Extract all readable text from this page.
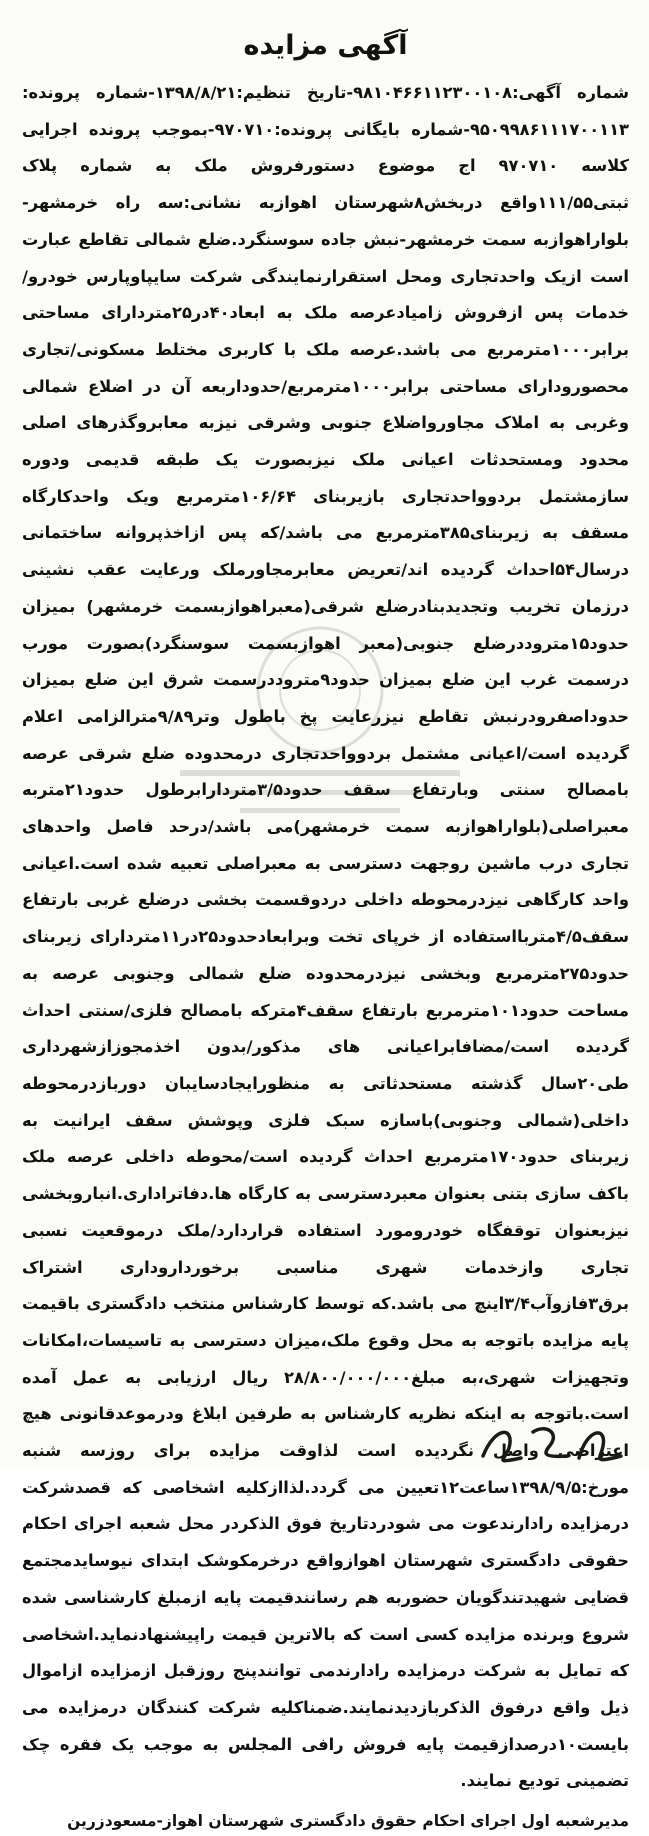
آگهی مزایده

شماره آگهی:۹۸۱۰۴۶۶۱۱۲۳۰۰۱۰۸-تاریخ تنظیم:۱۳۹۸/۸/۲۱-شماره پرونده: ۹۵۰۹۹۸۶۱۱۱۷۰۰۱۱۳-شماره بایگانی پرونده:۹۷۰۷۱۰-بموجب پرونده اجرایی کلاسه ۹۷۰۷۱۰ اج موضوع دستورفروش ملک به شماره پلاک ثبتی۱۱۱/۵۵واقع دربخش۸شهرستان اهوازبه نشانی:سه راه خرمشهر-بلواراهوازبه سمت خرمشهر-نبش جاده سوسنگرد.ضلع شمالی تقاطع عبارت است ازیک واحدتجاری ومحل استقرارنمایندگی شرکت سایپاوپارس خودرو/خدمات پس ازفروش زامیادعرصه ملک به ابعاد۴۰در۲۵متردارای مساحتی برابر۱۰۰۰مترمربع می باشد.عرصه ملک با کاربری مختلط مسکونی/تجاری محصورودارای مساحتی برابر۱۰۰۰مترمربع/حدوداربعه آن در اضلاع شمالی وغربی به املاک مجاورواضلاع جنوبی وشرقی نیزبه معابروگذرهای اصلی محدود ومستحدثات اعیانی ملک نیزبصورت یک طبقه قدیمی ودوره سازمشتمل بردوواحدتجاری بازیربنای ۱۰۶/۶۴مترمربع ویک واحدکارگاه مسقف به زیربنای۳۸۵مترمربع می باشد/که پس ازاخذپروانه ساختمانی درسال۵۴احداث گردیده اند/تعریض معابرمجاورملک ورعایت عقب نشینی درزمان تخریب وتجدیدبنادرضلع شرقی(معبراهوازبسمت خرمشهر) بمیزان حدود۱۵متروددرضلع جنوبی(معبر اهوازبسمت سوسنگرد)بصورت مورب درسمت غرب این ضلع بمیزان حدود۹متروددرسمت شرق این ضلع بمیزان حدوداصفرودرنبش تقاطع نیزرعایت پخ باطول وتر۹/۸۹مترالزامی اعلام گردیده است/اعیانی مشتمل بردوواحدتجاری درمحدوده ضلع شرقی عرصه بامصالح سنتی وبارتفاع سقف حدود۳/۵متردارابرطول حدود۲۱متربه معبراصلی(بلواراهوازبه سمت خرمشهر)می باشد/درحد فاصل واحدهای تجاری درب ماشین روجهت دسترسی به معبراصلی تعبیه شده است.اعیانی واحد کارگاهی نیزدرمحوطه داخلی دردوقسمت بخشی درضلع غربی بارتفاع سقف۴/۵متربااستفاده از خرپای تخت وبرابعادحدود۲۵در۱۱متردارای زیربنای حدود۲۷۵مترمربع وبخشی نیزدرمحدوده ضلع شمالی وجنوبی عرصه به مساحت حدود۱۰۱مترمربع بارتفاع سقف۴مترکه بامصالح فلزی/سنتی احداث گردیده است/مضافابراعیانی های مذکور/بدون اخذمجوزازشهرداری طی۲۰سال گذشته مستحدثاتی به منظورایجادسایبان دوربازدرمحوطه داخلی(شمالی وجنوبی)باسازه سبک فلزی وپوشش سقف ایرانیت به زیربنای حدود۱۷۰مترمربع احداث گردیده است/محوطه داخلی عرصه ملک باکف سازی بتنی بعنوان معبردسترسی به کارگاه ها.دفاتراداری.انباروبخشی نیزبعنوان توقفگاه خودرومورد استفاده قراردارد/ملک درموقعیت نسبی تجاری وازخدمات شهری مناسبی برخورداروداری اشتراک برق۳فازوآب۳/۴اینچ می باشد.که توسط کارشناس منتخب دادگستری باقیمت پایه مزایده باتوجه به محل وقوع ملک،میزان دسترسی به تاسیسات،امکانات وتجهیزات شهری،به مبلغ۲۸/۸۰۰/۰۰۰/۰۰۰ ریال ارزیابی به عمل آمده است.باتوجه به اینکه نظریه کارشناس به طرفین ابلاغ ودرموعدقانونی هیچ اعتراضی واصل نگردیده است لذاوقت مزایده برای روزسه شنبه مورخ:۱۳۹۸/۹/۵ساعت۱۲تعیین می گردد.لذاازکلیه اشخاصی که قصدشرکت درمزایده رادارندعوت می شودردتاریخ فوق الذکردر محل شعبه اجرای احکام حقوقی دادگستری شهرستان اهوازواقع درخرمکوشک ابتدای نیوسایدمجتمع قضایی شهیدتندگویان حضوربه هم رسانندقیمت پایه ازمبلغ کارشناسی شده شروع وبرنده مزایده کسی است که بالاترین قیمت راپیشنهادنماید.اشخاصی که تمایل به شرکت درمزایده رادارندمی توانندپنج روزقبل ازمزایده ازاموال ذیل واقع درفوق الذکربازدیدنمایند.ضمناکلیه شرکت کنندگان درمزایده می بایست۱۰درصدازقیمت پایه فروش رافی المجلس به موجب یک فقره چک تضمینی تودیع نمایند.

مدیرشعبه اول اجرای احکام حقوق دادگستری شهرستان اهواز-مسعودزرین
